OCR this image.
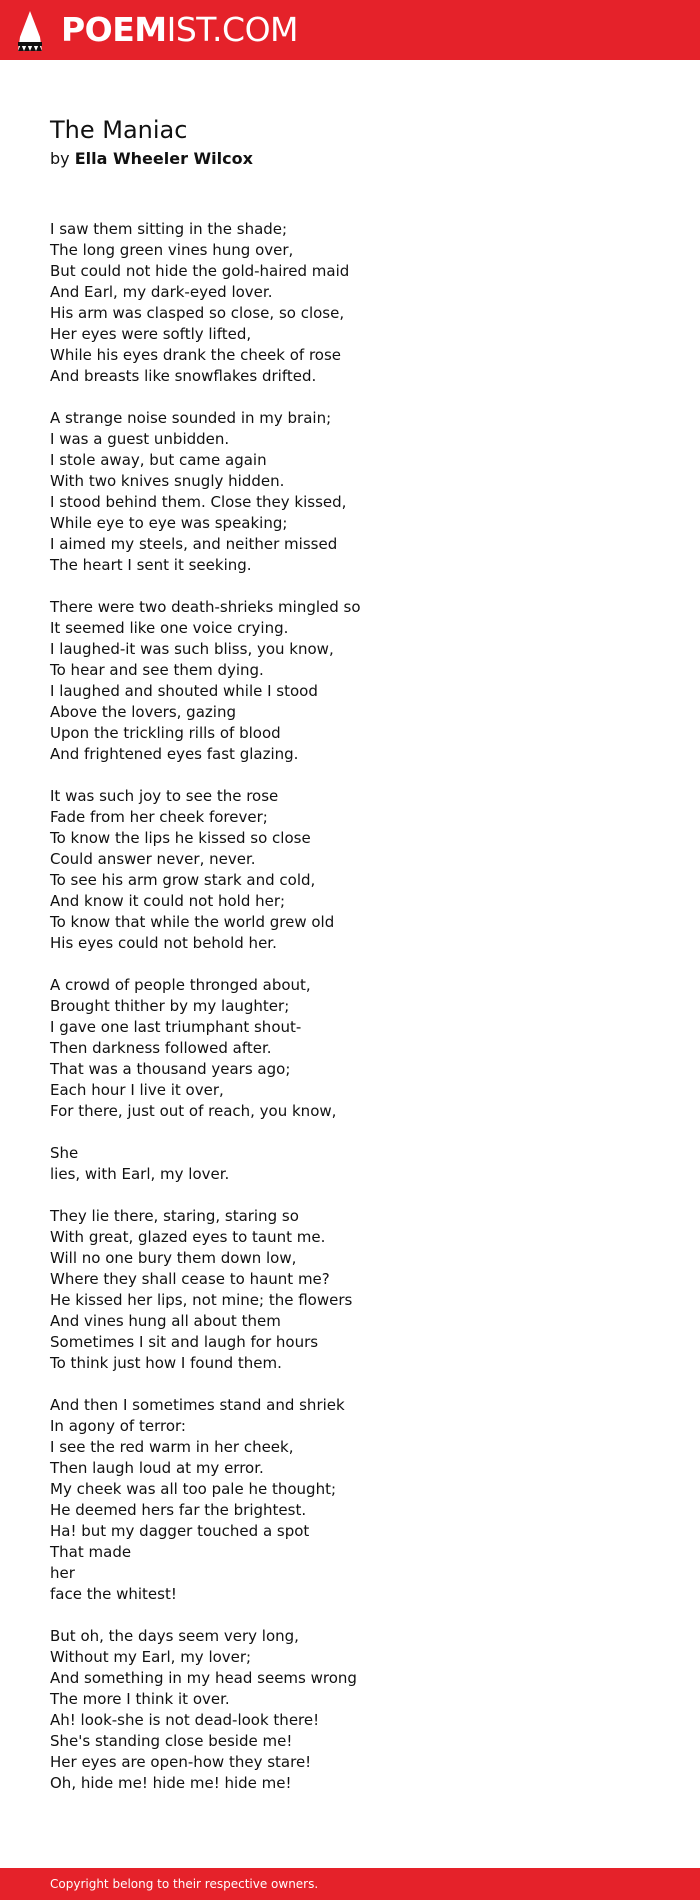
POEMIST.COM
The Maniac
by Ella Wheeler Wilcox
I saw them sitting in the shade;
The long green vines hung over,
But could not hide the gold-haired maid
And Earl, my dark-eyed lover.
His arm was clasped so close, so close,
Her eyes were softly lifted,
While his eyes drank the cheek of rose
And breasts like snowflakes drifted.
A strange noise sounded in my brain;
I was a guest unbidden.
I stole away, but came again
With two knives snugly hidden.
I stood behind them. Close they kissed,
While eye to eye was speaking;
I aimed my steels, and neither missed
The heart I sent it seeking.
There were two death-shrieks mingled so
It seemed like one voice crying.
I laughed-it was such bliss, you know,
To hear and see them dying.
I laughed and shouted while I stood
Above the lovers, gazing
Upon the trickling rills of blood
And frightened eyes fast glazing.
It was such joy to see the rose
Fade from her cheek forever;
To know the lips he kissed so close
Could answer never, never.
To see his arm grow stark and cold,
And know it could not hold her;
To know that while the world grew old
His eyes could not behold her.
A crowd of people thronged about,
Brought thither by my laughter;
I gave one last triumphant shout-
Then darkness followed after.
That was a thousand years ago;
Each hour I live it over,
For there, just out of reach, you know,
She
lies, with Earl, my lover.
They lie there, staring, staring so
With great, glazed eyes to taunt me.
Will no one bury them down low,
Where they shall cease to haunt me?
He kissed her lips, not mine; the flowers
And vines hung all about them
Sometimes I sit and laugh for hours
To think just how I found them.
And then I sometimes stand and shriek
In agony of terror:
I see the red warm in her cheek,
Then laugh loud at my error.
My cheek was all too pale he thought;
He deemed hers far the brightest.
Ha! but my dagger touched a spot
That made
her
face the whitest!
But oh, the days seem very long,
Without my Earl, my lover;
And something in my head seems wrong
The more I think it over.
Ah! look-she is not dead-look there!
She's standing close beside me!
Her eyes are open-how they stare!
Oh, hide me! hide me! hide me!
Copyright belong to their respective owners.
